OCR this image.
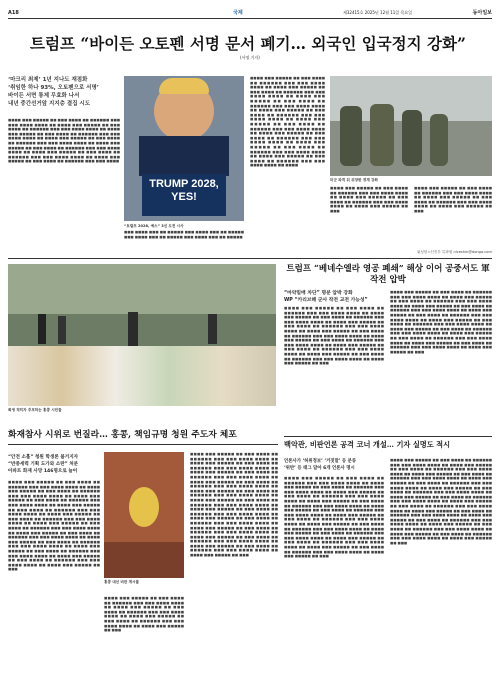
A18	국제	제32415호 2025년 12월 11일 목요일	동아일보
트럼프 “바이든 오토펜 서명 문서 폐기… 외국인 입국정지 강화”
(서명 기자)
‘마크리 최제’ 1년 지나도 재점화
‘취임한 하나 93%, 오토펜으로 서명’
바이든 서면 통제 무효화 나서
내년 중간선거앞 지지층 결집 시도
■■■■ ■■■ ■■■■■ ■■ ■■■ ■■■■ ■■ ■■■■■■ ■■■ ■■■ ■■■■ ■■■■ ■■ ■■■■ ■■■ ■■■■■ ■■ ■■■ ■■■■ ■■ ■■■■■■ ■■■ ■■■ ■■■■ ■■■■ ■■ ■■■■ ■■■ ■■■■■ ■■ ■■■ ■■■■ ■■ ■■■■■■ ■■■ ■■■ ■■■■ ■■■■ ■■ ■■■■ ■■■ ■■■■■ ■■ ■■■ ■■■■ ■■ ■■■■■■ ■■■ ■■■ ■■■■ ■■■■ ■■ ■■■■ ■■■ ■■■■■ ■■ ■■■ ■■■■ ■■ ■■■■■■ ■■■ ■■■ ■■■■ ■■■■ ■■ ■■■■ ■■■ ■■■■■ ■■ ■■■ ■■■■ ■■ ■■■■■■ ■■■ ■■■ ■■■■ ■■■■ ■■ ■■■■ ■■■ ■■■■■ ■■ ■■■ ■■■■ ■■ ■■■■■■ ■■■ ■■■ ■■■■
TRUMP 2028, YES!
“트럼프 2028, 예스” 3선 도전 시사
■■■ ■■■■ ■■■ ■■ ■■■■■ ■■■ ■■■■ ■■■ ■■ ■■■■■ ■■■ ■■■■ ■■■ ■■ ■■■■■ ■■■ ■■■■ ■■■ ■■ ■■■■■
■■■■ ■■■ ■■■■■ ■■ ■■■ ■■■■ ■■ ■■■■■■ ■■■ ■■■ ■■■■ ■■■■ ■■ ■■■■ ■■■ ■■■■■ ■■ ■■■ ■■■■ ■■ ■■■■■■ ■■■ ■■■ ■■■■ ■■■■ ■■ ■■■■ ■■■ ■■■■■ ■■ ■■■ ■■■■ ■■ ■■■■■■ ■■■ ■■■ ■■■■ ■■■■ ■■ ■■■■ ■■■ ■■■■■ ■■ ■■■ ■■■■ ■■ ■■■■■■ ■■■ ■■■ ■■■■ ■■■■ ■■ ■■■■ ■■■ ■■■■■ ■■ ■■■ ■■■■ ■■ ■■■■■■ ■■■ ■■■ ■■■■ ■■■■ ■■ ■■■■ ■■■ ■■■■■ ■■ ■■■ ■■■■ ■■ ■■■■■■ ■■■ ■■■ ■■■■ ■■■■ ■■ ■■■■ ■■■ ■■■■■ ■■ ■■■ ■■■■ ■■ ■■■■■■ ■■■ ■■■ ■■■■ ■■■■ ■■ ■■■■ ■■■ ■■■■■ ■■ ■■■ ■■■■ ■■ ■■■■■■ ■■■ ■■■ ■■■■ ■■■■ ■■ ■■■■
미군 파격 뒤 위장한 경계 강화
■■■■ ■■■ ■■■■■ ■■ ■■■ ■■■■ ■■ ■■■■■■ ■■■ ■■■ ■■■■ ■■■■ ■■ ■■■■ ■■■ ■■■■■ ■■ ■■■ ■■■■ ■■ ■■■■■■ ■■■ ■■■ ■■■■ ■■■■ ■■ ■■■■ ■■■ ■■■■■ ■■ ■■■
■■■■ ■■■ ■■■■■ ■■ ■■■ ■■■■ ■■ ■■■■■■ ■■■ ■■■ ■■■■ ■■■■ ■■ ■■■■ ■■■ ■■■■■ ■■ ■■■ ■■■■ ■■ ■■■■■■ ■■■ ■■■ ■■■■ ■■■■ ■■ ■■■■ ■■■ ■■■■■ ■■ ■■■
워싱턴=신진우 특파원 niceshin@donga.com
트럼프 “베네수엘라 영공 폐쇄” 해상 이어 공중서도 軍작전 압박
“마약밀매 차단” 명분 압박 강화
WP “카리브해 군사 작전 교전 가능성”
■■■■ ■■■ ■■■■■ ■■ ■■■ ■■■■ ■■ ■■■■■■ ■■■ ■■■ ■■■■ ■■■■ ■■ ■■■■ ■■■ ■■■■■ ■■ ■■■ ■■■■ ■■ ■■■■■■ ■■■ ■■■ ■■■■ ■■■■ ■■ ■■■■ ■■■ ■■■■■ ■■ ■■■ ■■■■ ■■ ■■■■■■ ■■■ ■■■ ■■■■ ■■■■ ■■ ■■■■ ■■■ ■■■■■ ■■ ■■■ ■■■■ ■■ ■■■■■■ ■■■ ■■■ ■■■■ ■■■■ ■■ ■■■■ ■■■ ■■■■■ ■■ ■■■ ■■■■ ■■ ■■■■■■ ■■■ ■■■ ■■■■ ■■■■ ■■ ■■■■ ■■■ ■■■■■ ■■ ■■■ ■■■■ ■■ ■■■■■■ ■■■ ■■■ ■■■■ ■■■■ ■■ ■■■■ ■■■ ■■■■■ ■■ ■■■ ■■■■ ■■ ■■■■■■ ■■■ ■■■ ■■■■ ■■■■ ■■ ■■■■ ■■■ ■■■■■ ■■ ■■■
■■■■ ■■■ ■■■■■ ■■ ■■■ ■■■■ ■■ ■■■■■■ ■■■ ■■■ ■■■■ ■■■■ ■■ ■■■■ ■■■ ■■■■■ ■■ ■■■ ■■■■ ■■ ■■■■■■ ■■■ ■■■ ■■■■ ■■■■ ■■ ■■■■ ■■■ ■■■■■ ■■ ■■■ ■■■■ ■■ ■■■■■■ ■■■ ■■■ ■■■■ ■■■■ ■■ ■■■■ ■■■ ■■■■■ ■■ ■■■ ■■■■ ■■ ■■■■■■ ■■■ ■■■ ■■■■ ■■■■ ■■ ■■■■ ■■■ ■■■■■ ■■ ■■■ ■■■■ ■■ ■■■■■■ ■■■ ■■■ ■■■■ ■■■■ ■■ ■■■■ ■■■ ■■■■■ ■■ ■■■ ■■■■ ■■ ■■■■■■ ■■■ ■■■ ■■■■ ■■■■ ■■ ■■■■ ■■■ ■■■■■ ■■ ■■■ ■■■■ ■■ ■■■■■■ ■■■ ■■■ ■■■■ ■■■■ ■■ ■■■■ ■■■ ■■■■■ ■■ ■■■ ■■■■ ■■ ■■■■■■ ■■■ ■■■ ■■■■ ■■■■ ■■ ■■■■ ■■■ ■■■■■ ■■ ■■■
희생 적히자 추모하는 홍콩 시민들
화재참사 시위로 번질라… 홍콩, 책임규명 청원 주도자 체포
“안전 소홀” 청원 학생론 붙거지자
“반중세력 기획 도가와 소란” 처분
아파트 화재 사망 146명으로 늘어
■■■■ ■■■ ■■■■■ ■■ ■■■ ■■■■ ■■ ■■■■■■ ■■■ ■■■ ■■■■ ■■■■ ■■ ■■■■ ■■■ ■■■■■ ■■ ■■■ ■■■■ ■■ ■■■■■■ ■■■ ■■■ ■■■■ ■■■■ ■■ ■■■■ ■■■ ■■■■■ ■■ ■■■ ■■■■ ■■ ■■■■■■ ■■■ ■■■ ■■■■ ■■■■ ■■ ■■■■ ■■■ ■■■■■ ■■ ■■■ ■■■■ ■■ ■■■■■■ ■■■ ■■■ ■■■■ ■■■■ ■■ ■■■■ ■■■ ■■■■■ ■■ ■■■ ■■■■ ■■ ■■■■■■ ■■■ ■■■ ■■■■ ■■■■ ■■ ■■■■ ■■■ ■■■■■ ■■ ■■■ ■■■■ ■■ ■■■■■■ ■■■ ■■■ ■■■■ ■■■■ ■■ ■■■■ ■■■ ■■■■■ ■■ ■■■ ■■■■ ■■ ■■■■■■ ■■■ ■■■ ■■■■ ■■■■ ■■ ■■■■ ■■■ ■■■■■ ■■ ■■■ ■■■■ ■■ ■■■■■■ ■■■ ■■■ ■■■■ ■■■■ ■■ ■■■■ ■■■ ■■■■■ ■■ ■■■ ■■■■ ■■ ■■■■■■ ■■■ ■■■ ■■■■ ■■■■ ■■ ■■■■ ■■■ ■■■■■ ■■ ■■■ ■■■■ ■■ ■■■■■■ ■■■ ■■■ ■■■■ ■■■■ ■■ ■■■■ ■■■ ■■■■■ ■■ ■■■
홍콩 대선 비판 게시물
■■■■ ■■■ ■■■■■ ■■ ■■■ ■■■■ ■■ ■■■■■■ ■■■ ■■■ ■■■■ ■■■■ ■■ ■■■■ ■■■ ■■■■■ ■■ ■■■ ■■■■ ■■ ■■■■■■ ■■■ ■■■ ■■■■ ■■■■ ■■ ■■■■ ■■■ ■■■■■ ■■ ■■■ ■■■■ ■■ ■■■■■■ ■■■ ■■■ ■■■■ ■■■■ ■■ ■■■■ ■■■ ■■■■■ ■■ ■■■
■■■■ ■■■ ■■■■■ ■■ ■■■ ■■■■ ■■ ■■■■■■ ■■■ ■■■ ■■■■ ■■■■ ■■ ■■■■ ■■■ ■■■■■ ■■ ■■■ ■■■■ ■■ ■■■■■■ ■■■ ■■■ ■■■■ ■■■■ ■■ ■■■■ ■■■ ■■■■■ ■■ ■■■ ■■■■ ■■ ■■■■■■ ■■■ ■■■ ■■■■ ■■■■ ■■ ■■■■ ■■■ ■■■■■ ■■ ■■■ ■■■■ ■■ ■■■■■■ ■■■ ■■■ ■■■■ ■■■■ ■■ ■■■■ ■■■ ■■■■■ ■■ ■■■ ■■■■ ■■ ■■■■■■ ■■■ ■■■ ■■■■ ■■■■ ■■ ■■■■ ■■■ ■■■■■ ■■ ■■■ ■■■■ ■■ ■■■■■■ ■■■ ■■■ ■■■■ ■■■■ ■■ ■■■■ ■■■ ■■■■■ ■■ ■■■ ■■■■ ■■ ■■■■■■ ■■■ ■■■ ■■■■ ■■■■ ■■ ■■■■ ■■■ ■■■■■ ■■ ■■■ ■■■■ ■■ ■■■■■■ ■■■ ■■■ ■■■■ ■■■■ ■■ ■■■■ ■■■ ■■■■■ ■■ ■■■ ■■■■ ■■ ■■■■■■ ■■■ ■■■ ■■■■ ■■■■ ■■ ■■■■ ■■■ ■■■■■ ■■ ■■■ ■■■■ ■■ ■■■■■■ ■■■ ■■■ ■■■■ ■■■■ ■■ ■■■■ ■■■ ■■■■■ ■■ ■■■ ■■■■ ■■ ■■■■■■ ■■■ ■■■ ■■■■ ■■■■ ■■ ■■■■ ■■■ ■■■■■ ■■ ■■■
백악관, 비판언론 공격 코너 개설… 기자 실명도 적시
언론사가 ‘허위정보’ ‘거짓말’ 등 분류
‘위반’ 등 태그 달아 6개 언론사 명시
■■■■ ■■■ ■■■■■ ■■ ■■■ ■■■■ ■■ ■■■■■■ ■■■ ■■■ ■■■■ ■■■■ ■■ ■■■■ ■■■ ■■■■■ ■■ ■■■ ■■■■ ■■ ■■■■■■ ■■■ ■■■ ■■■■ ■■■■ ■■ ■■■■ ■■■ ■■■■■ ■■ ■■■ ■■■■ ■■ ■■■■■■ ■■■ ■■■ ■■■■ ■■■■ ■■ ■■■■ ■■■ ■■■■■ ■■ ■■■ ■■■■ ■■ ■■■■■■ ■■■ ■■■ ■■■■ ■■■■ ■■ ■■■■ ■■■ ■■■■■ ■■ ■■■ ■■■■ ■■ ■■■■■■ ■■■ ■■■ ■■■■ ■■■■ ■■ ■■■■ ■■■ ■■■■■ ■■ ■■■ ■■■■ ■■ ■■■■■■ ■■■ ■■■ ■■■■ ■■■■ ■■ ■■■■ ■■■ ■■■■■ ■■ ■■■ ■■■■ ■■ ■■■■■■ ■■■ ■■■ ■■■■ ■■■■ ■■ ■■■■ ■■■ ■■■■■ ■■ ■■■ ■■■■ ■■ ■■■■■■ ■■■ ■■■ ■■■■ ■■■■ ■■ ■■■■ ■■■ ■■■■■ ■■ ■■■ ■■■■ ■■ ■■■■■■ ■■■ ■■■ ■■■■ ■■■■ ■■ ■■■■ ■■■ ■■■■■ ■■ ■■■ ■■■■ ■■ ■■■■■■ ■■■ ■■■ ■■■■ ■■■■ ■■ ■■■■ ■■■ ■■■■■ ■■ ■■■
■■■■ ■■■ ■■■■■ ■■ ■■■ ■■■■ ■■ ■■■■■■ ■■■ ■■■ ■■■■ ■■■■ ■■ ■■■■ ■■■ ■■■■■ ■■ ■■■ ■■■■ ■■ ■■■■■■ ■■■ ■■■ ■■■■ ■■■■ ■■ ■■■■ ■■■ ■■■■■ ■■ ■■■ ■■■■ ■■ ■■■■■■ ■■■ ■■■ ■■■■ ■■■■ ■■ ■■■■ ■■■ ■■■■■ ■■ ■■■ ■■■■ ■■ ■■■■■■ ■■■ ■■■ ■■■■ ■■■■ ■■ ■■■■ ■■■ ■■■■■ ■■ ■■■ ■■■■ ■■ ■■■■■■ ■■■ ■■■ ■■■■ ■■■■ ■■ ■■■■ ■■■ ■■■■■ ■■ ■■■ ■■■■ ■■ ■■■■■■ ■■■ ■■■ ■■■■ ■■■■ ■■ ■■■■ ■■■ ■■■■■ ■■ ■■■ ■■■■ ■■ ■■■■■■ ■■■ ■■■ ■■■■ ■■■■ ■■ ■■■■ ■■■ ■■■■■ ■■ ■■■ ■■■■ ■■ ■■■■■■ ■■■ ■■■ ■■■■ ■■■■ ■■ ■■■■ ■■■ ■■■■■ ■■ ■■■ ■■■■ ■■ ■■■■■■ ■■■ ■■■ ■■■■ ■■■■ ■■ ■■■■ ■■■ ■■■■■ ■■ ■■■ ■■■■ ■■ ■■■■■■ ■■■ ■■■ ■■■■ ■■■■ ■■ ■■■■ ■■■ ■■■■■ ■■ ■■■ ■■■■ ■■ ■■■■■■ ■■■ ■■■ ■■■■ ■■■■ ■■ ■■■■ ■■■ ■■■■■ ■■ ■■■
